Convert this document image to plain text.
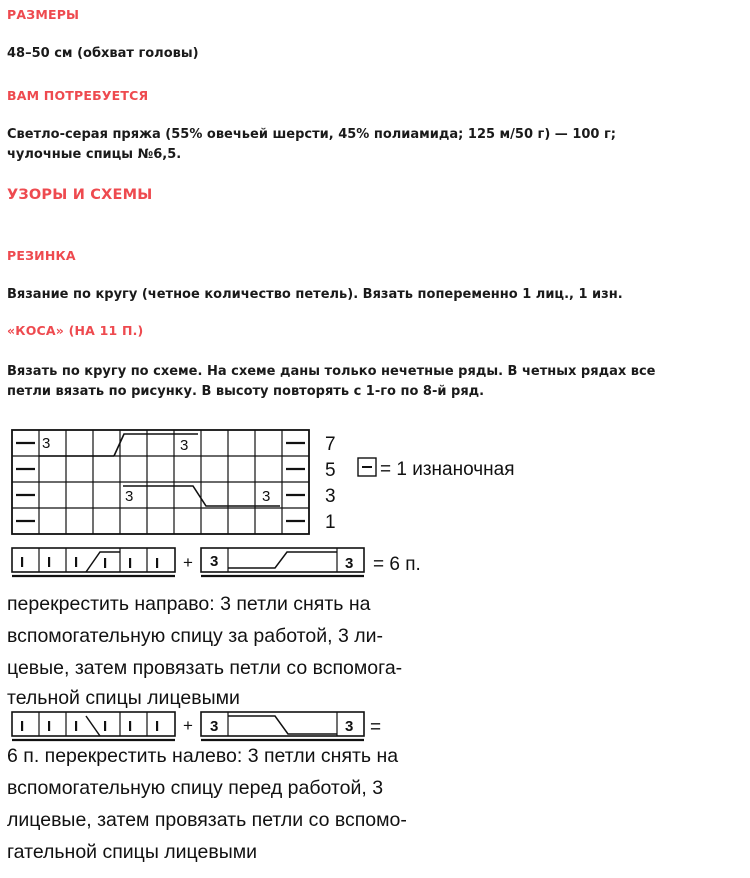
РАЗМЕРЫ
48–50 см (обхват головы)
ВАМ ПОТРЕБУЕТСЯ
Светло-серая пряжа (55% овечьей шерсти, 45% полиамида; 125 м/50 г) — 100 г;
чулочные спицы №6,5.
УЗОРЫ И СХЕМЫ
РЕЗИНКА
Вязание по кругу (четное количество петель). Вязать попеременно 1 лиц., 1 изн.
«КОСА» (НА 11 П.)
Вязать по кругу по схеме. На схеме даны только нечетные ряды. В четных рядах все
петли вязать по рисунку. В высоту повторять с 1-го по 8-й ряд.
3	3
3	3
7
5
3
1
I I I I I I + 3	3 = 6 п.
I I I I I I + 3	3 =
= 1 изнаночная
перекрестить направо: 3 петли снять на
вспомогательную спицу за работой, 3 ли-
цевые, затем провязать петли со вспомога-
тельной спицы лицевыми
6 п. перекрестить налево: 3 петли снять на
вспомогательную спицу перед работой, 3
лицевые, затем провязать петли со вспомо-
гательной спицы лицевыми
